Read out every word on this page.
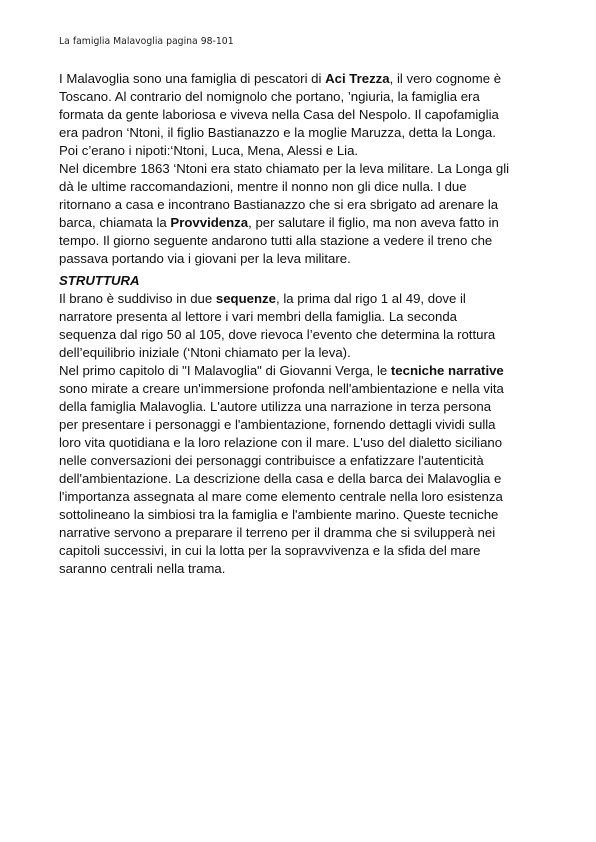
La famiglia Malavoglia pagina 98-101

I Malavoglia sono una famiglia di pescatori di Aci Trezza, il vero cognome è

Toscano. Al contrario del nomignolo che portano, ’ngiuria, la famiglia era

formata da gente laboriosa e viveva nella Casa del Nespolo. Il capofamiglia

era padron ‘Ntoni, il figlio Bastianazzo e la moglie Maruzza, detta la Longa.

Poi c’erano i nipoti:‘Ntoni, Luca, Mena, Alessi e Lia.

Nel dicembre 1863 ‘Ntoni era stato chiamato per la leva militare. La Longa gli

dà le ultime raccomandazioni, mentre il nonno non gli dice nulla. I due

ritornano a casa e incontrano Bastianazzo che si era sbrigato ad arenare la

barca, chiamata la Provvidenza, per salutare il figlio, ma non aveva fatto in

tempo. Il giorno seguente andarono tutti alla stazione a vedere il treno che

passava portando via i giovani per la leva militare.

STRUTTURA

Il brano è suddiviso in due sequenze, la prima dal rigo 1 al 49, dove il

narratore presenta al lettore i vari membri della famiglia. La seconda

sequenza dal rigo 50 al 105, dove rievoca l’evento che determina la rottura

dell’equilibrio iniziale (‘Ntoni chiamato per la leva).

Nel primo capitolo di "I Malavoglia" di Giovanni Verga, le tecniche narrative

sono mirate a creare un'immersione profonda nell'ambientazione e nella vita

della famiglia Malavoglia. L'autore utilizza una narrazione in terza persona

per presentare i personaggi e l'ambientazione, fornendo dettagli vividi sulla

loro vita quotidiana e la loro relazione con il mare. L'uso del dialetto siciliano

nelle conversazioni dei personaggi contribuisce a enfatizzare l'autenticità

dell'ambientazione. La descrizione della casa e della barca dei Malavoglia e

l'importanza assegnata al mare come elemento centrale nella loro esistenza

sottolineano la simbiosi tra la famiglia e l'ambiente marino. Queste tecniche

narrative servono a preparare il terreno per il dramma che si svilupperà nei

capitoli successivi, in cui la lotta per la sopravvivenza e la sfida del mare

saranno centrali nella trama.
